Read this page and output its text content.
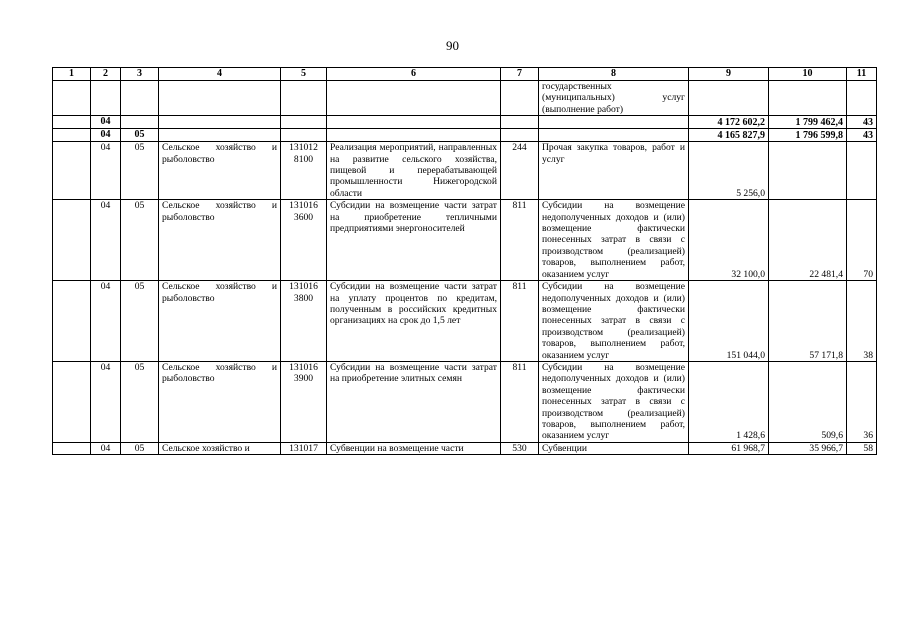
90
1	2	3	4	5	6	7	8	9	10	11
							государственных (муниципальных) услуг (выполнение работ)			
	04							4 172 602,2	1 799 462,4	43
	04	05						4 165 827,9	1 796 599,8	43
	04	05	Сельское хозяйство и рыболовство	131012 8100	Реализация мероприятий, направленных на развитие сельского хозяйства, пищевой и перерабатывающей промышленности Нижегородской области	244	Прочая закупка товаров, работ и услуг	5 256,0		
	04	05	Сельское хозяйство и рыболовство	131016 3600	Субсидии на возмещение части затрат на приобретение тепличными предприятиями энергоносителей	811	Субсидии на возмещение недополученных доходов и (или) возмещение фактически понесенных затрат в связи с производством (реализацией) товаров, выполнением работ, оказанием услуг	32 100,0	22 481,4	70
	04	05	Сельское хозяйство и рыболовство	131016 3800	Субсидии на возмещение части затрат на уплату процентов по кредитам, полученным в российских кредитных организациях на срок до 1,5 лет	811	Субсидии на возмещение недополученных доходов и (или) возмещение фактически понесенных затрат в связи с производством (реализацией) товаров, выполнением работ, оказанием услуг	151 044,0	57 171,8	38
	04	05	Сельское хозяйство и рыболовство	131016 3900	Субсидии на возмещение части затрат на приобретение элитных семян	811	Субсидии на возмещение недополученных доходов и (или) возмещение фактически понесенных затрат в связи с производством (реализацией) товаров, выполнением работ, оказанием услуг	1 428,6	509,6	36
	04	05	Сельское хозяйство и	131017	Субвенции на возмещение части	530	Субвенции	61 968,7	35 966,7	58
